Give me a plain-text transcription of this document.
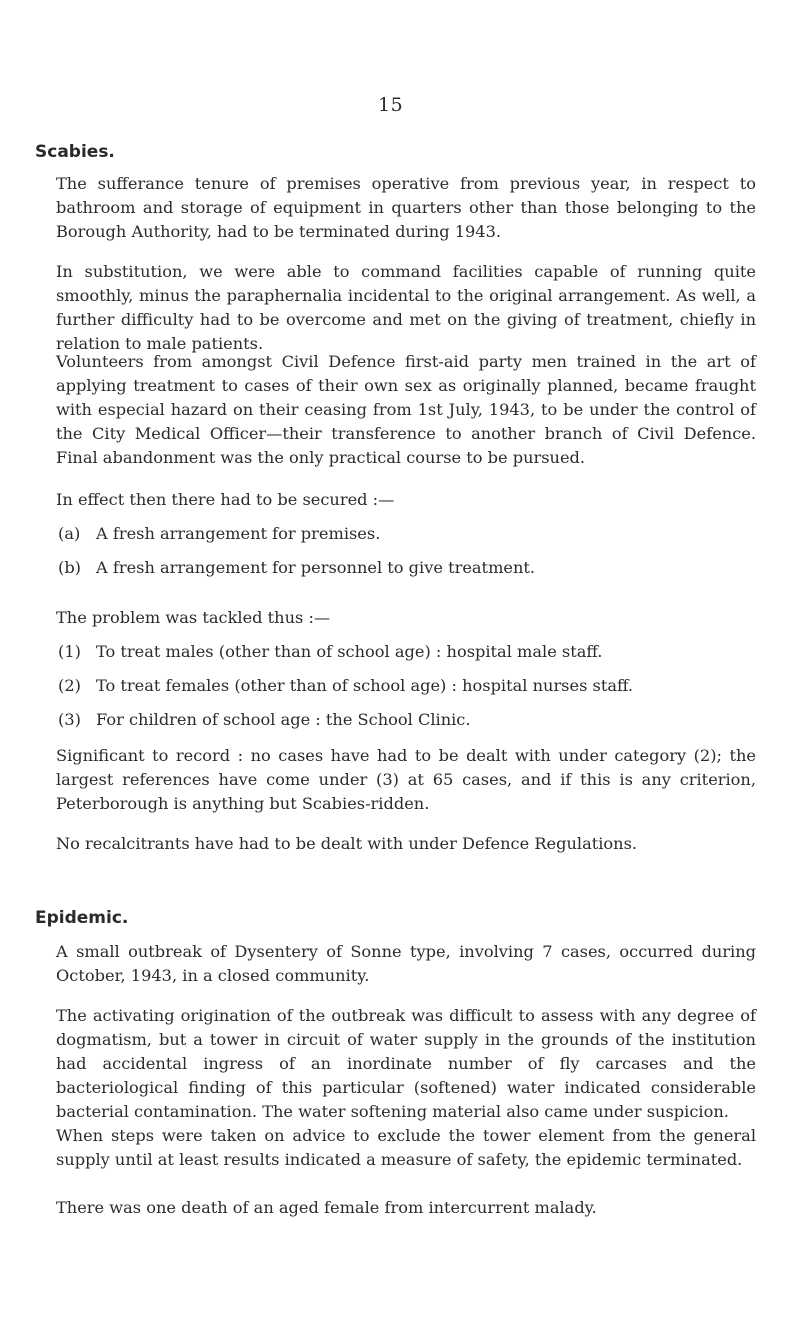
15
Scabies.

The sufferance tenure of premises operative from previous year, in respect to bathroom and storage of equipment in quarters other than those belonging to the Borough Authority, had to be terminated during 1943.

In substitution, we were able to command facilities capable of running quite smoothly, minus the paraphernalia incidental to the original arrangement. As well, a further difficulty had to be overcome and met on the giving of treatment, chiefly in relation to male patients.

Volunteers from amongst Civil Defence first-aid party men trained in the art of applying treatment to cases of their own sex as originally planned, became fraught with especial hazard on their ceasing from 1st July, 1943, to be under the control of the City Medical Officer—their transference to another branch of Civil Defence. Final abandonment was the only practical course to be pursued.

In effect then there had to be secured :—

(a) A fresh arrangement for premises.
(b) A fresh arrangement for personnel to give treatment.

The problem was tackled thus :—

(1) To treat males (other than of school age) : hospital male staff.
(2) To treat females (other than of school age) : hospital nurses staff.
(3) For children of school age : the School Clinic.

Significant to record : no cases have had to be dealt with under category (2); the largest references have come under (3) at 65 cases, and if this is any criterion, Peterborough is anything but Scabies-ridden.

No recalcitrants have had to be dealt with under Defence Regulations.

Epidemic.

A small outbreak of Dysentery of Sonne type, involving 7 cases, occurred during October, 1943, in a closed community.

The activating origination of the outbreak was difficult to assess with any degree of dogmatism, but a tower in circuit of water supply in the grounds of the institution had accidental ingress of an inordinate number of fly carcases and the bacteriological finding of this particular (softened) water indicated considerable bacterial contamination. The water softening material also came under suspicion.

When steps were taken on advice to exclude the tower element from the general supply until at least results indicated a measure of safety, the epidemic terminated.

There was one death of an aged female from intercurrent malady.
